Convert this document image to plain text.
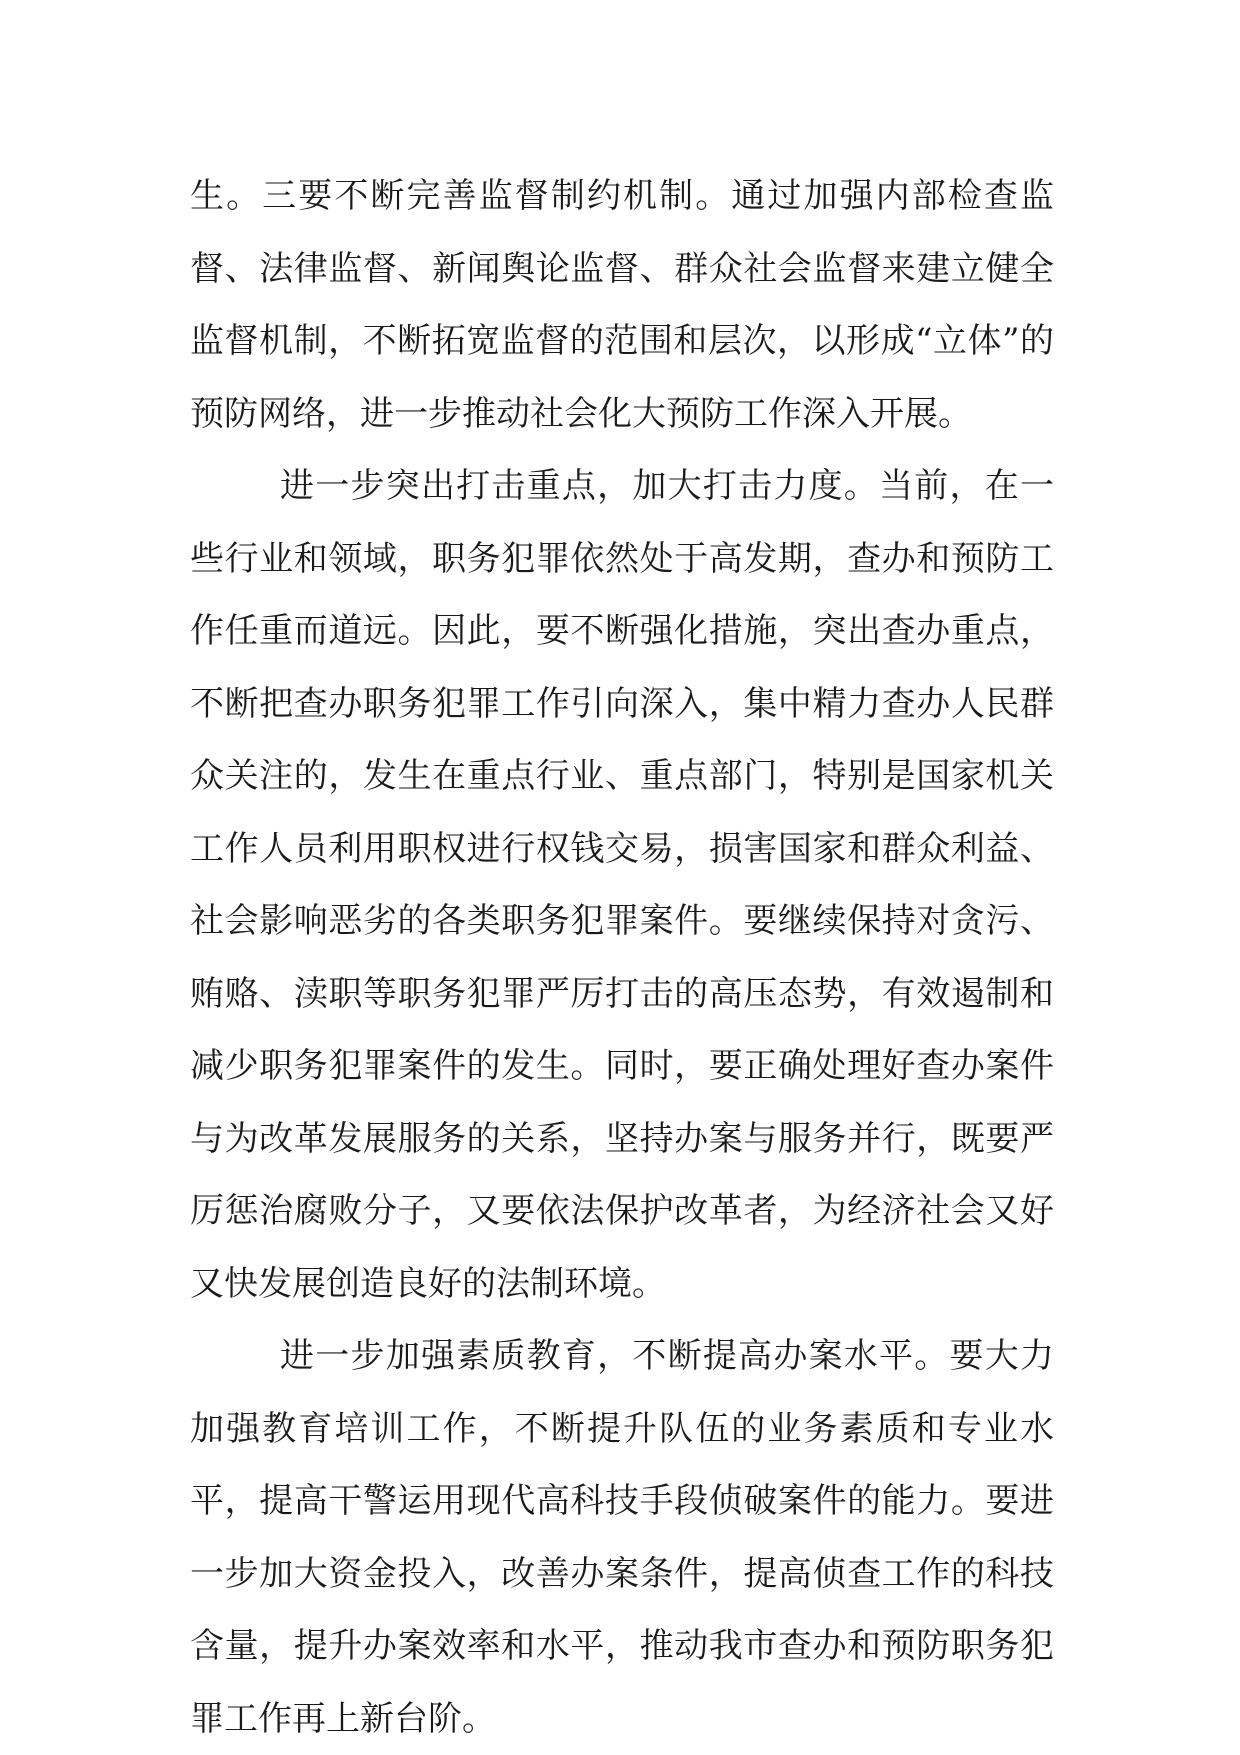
生。三要不断完善监督制约机制。通过加强内部检查监督、法律监督、新闻舆论监督、群众社会监督来建立健全监督机制，不断拓宽监督的范围和层次，以形成“立体”的预防网络，进一步推动社会化大预防工作深入开展。

进一步突出打击重点，加大打击力度。当前，在一些行业和领域，职务犯罪依然处于高发期，查办和预防工作任重而道远。因此，要不断强化措施，突出查办重点，不断把查办职务犯罪工作引向深入，集中精力查办人民群众关注的，发生在重点行业、重点部门，特别是国家机关工作人员利用职权进行权钱交易，损害国家和群众利益、社会影响恶劣的各类职务犯罪案件。要继续保持对贪污、贿赂、渎职等职务犯罪严厉打击的高压态势，有效遏制和减少职务犯罪案件的发生。同时，要正确处理好查办案件与为改革发展服务的关系，坚持办案与服务并行，既要严厉惩治腐败分子，又要依法保护改革者，为经济社会又好又快发展创造良好的法制环境。

进一步加强素质教育，不断提高办案水平。要大力加强教育培训工作，不断提升队伍的业务素质和专业水平，提高干警运用现代高科技手段侦破案件的能力。要进一步加大资金投入，改善办案条件，提高侦查工作的科技含量，提升办案效率和水平，推动我市查办和预防职务犯罪工作再上新台阶。
